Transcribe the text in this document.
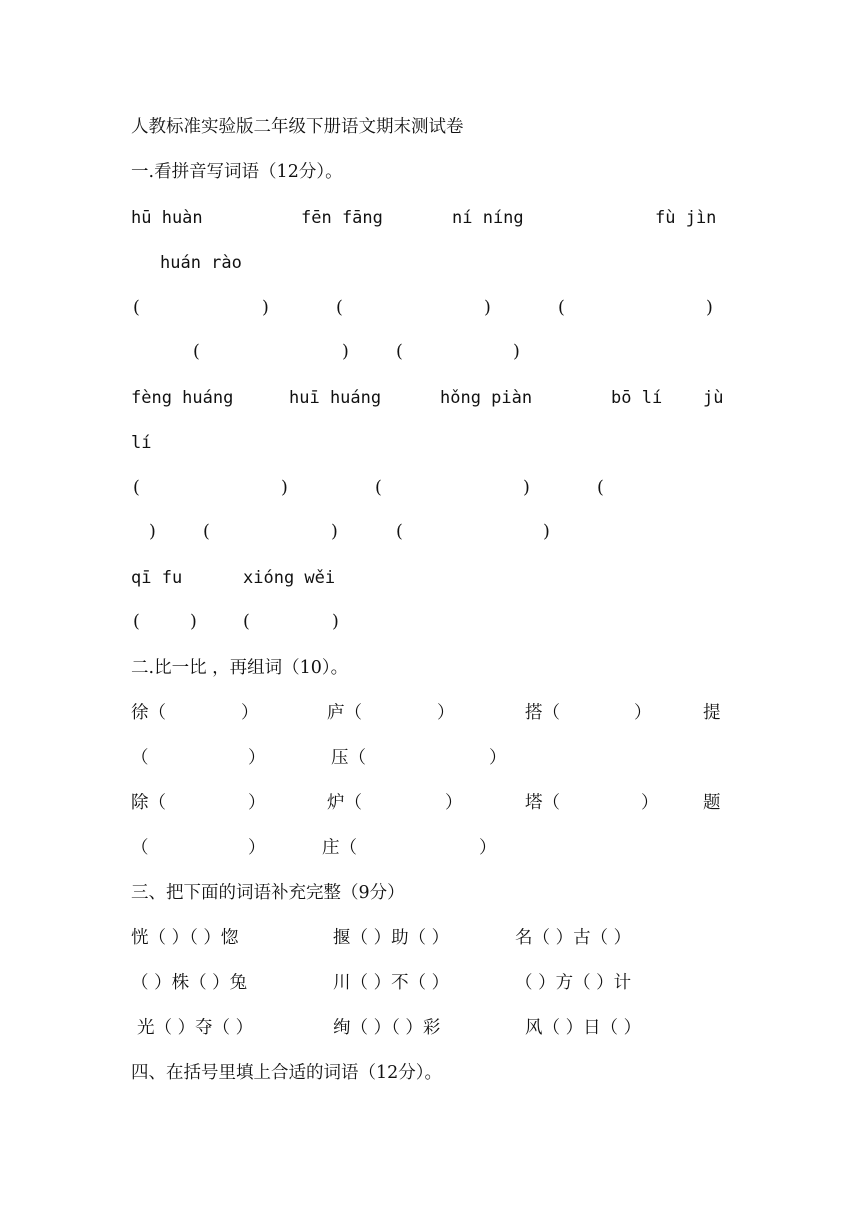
人教标准实验版二年级下册语文期末测试卷
一.看拼音写词语（12分）。
hū huàn	fēn fāng	ní níng	fù jìn
huán rào
(	)	(	)	(	)
(	)	(	)
fèng huáng	huī huáng	hǒng piàn	bō lí jù
lí
(	)	(	)	(
)	(	)	(	)
qī fu	xióng wěi
(	)	(	)
二.比一比 ，再组词（10）。
徐（	）	庐（	）	搭（	）	提
（	）	压（	）
除（	）	炉（	）	塔（	）	题
（	）	庄（	）
三、把下面的词语补充完整（9分）
恍（ ）（ ）惚	揠（ ）助（ ）	名（ ）古（ ）
（ ）株（ ）兔	川（ ）不（ ）	（ ）方（ ）计
光（ ）夺（ ）	绚（ ）（ ）彩	风（ ）日（ ）
四、在括号里填上合适的词语（12分）。
